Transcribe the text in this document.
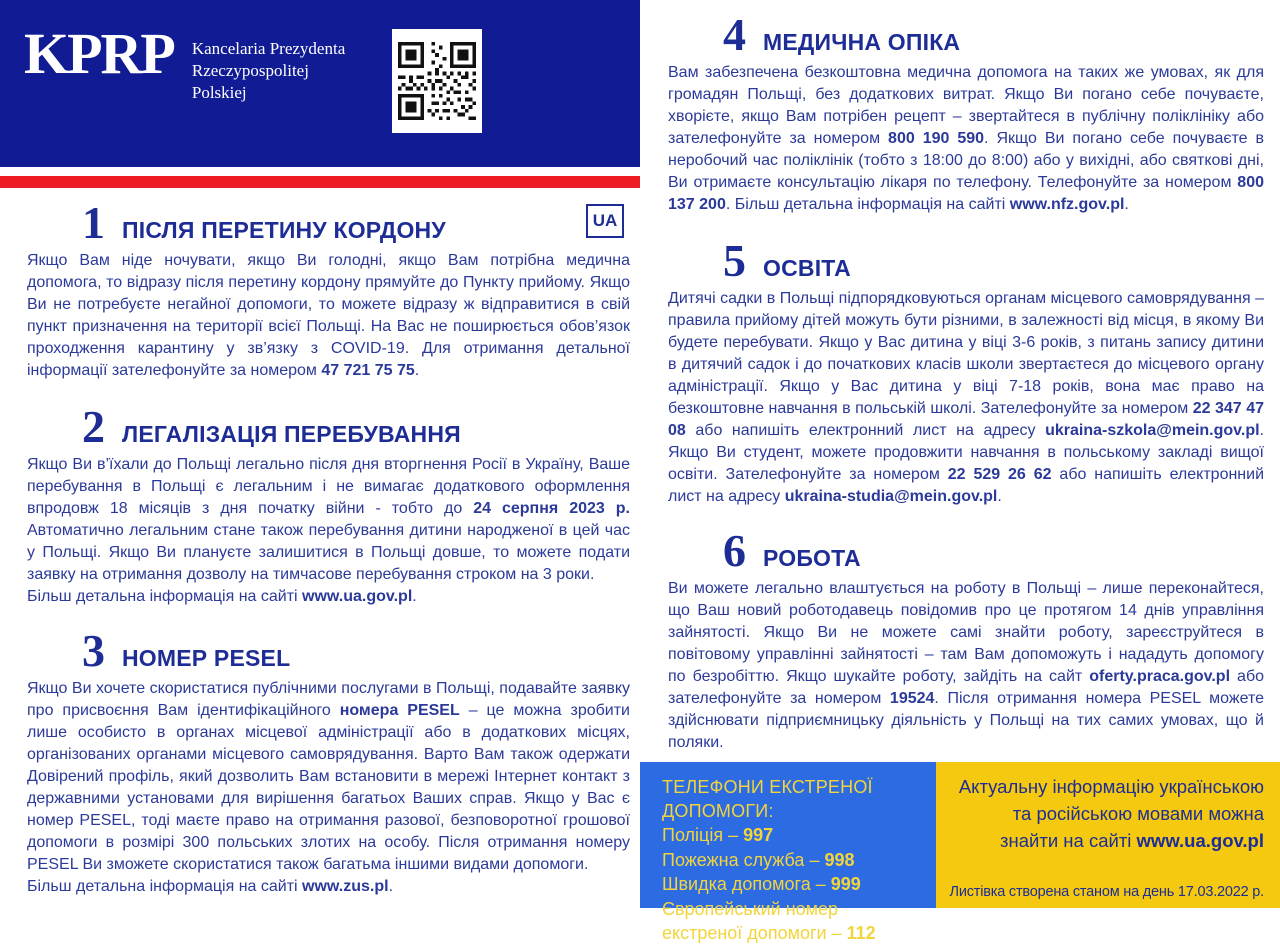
KPRP Kancelaria Prezydenta
Rzeczypospolitej
Polskiej
UA
1 ПІСЛЯ ПЕРЕТИНУ КОРДОНУ

Якщо Вам ніде ночувати, якщо Ви голодні, якщо Вам потрібна медична допомога, то відразу після перетину кордону прямуйте до Пункту прийому. Якщо Ви не потребуєте негайної допомоги, то можете відразу ж відправитися в свій пункт призначення на території всієї Польщі. На Вас не поширюється обов’язок проходження карантину у зв’язку з COVID-19. Для отримання детальної інформації зателефонуйте за номером 47 721 75 75.

2 ЛЕГАЛІЗАЦІЯ ПЕРЕБУВАННЯ

Якщо Ви в’їхали до Польщі легально після дня вторгнення Росії в Україну, Ваше перебування в Польщі є легальним і не вимагає додаткового оформлення впродовж 18 місяців з дня початку війни - тобто до 24 серпня 2023 р. Автоматично легальним стане також перебування дитини народженої в цей час у Польщі. Якщо Ви плануєте залишитися в Польщі довше, то можете подати заявку на отримання дозволу на тимчасове перебування строком на 3 роки.

Більш детальна інформація на сайті www.ua.gov.pl.

3 НОМЕР PESEL

Якщо Ви хочете скористатися публічними послугами в Польщі, подавайте заявку про присвоєння Вам ідентифікаційного номера PESEL – це можна зробити лише особисто в органах місцевої адміністрації або в додаткових місцях, організованих органами місцевого самоврядування. Варто Вам також одержати Довірений профіль, який дозволить Вам встановити в мережі Інтернет контакт з державними установами для вирішення багатьох Ваших справ. Якщо у Вас є номер PESEL, тоді маєте право на отримання разової, безповоротної грошової допомоги в розмірі 300 польських злотих на особу. Після отримання номеру PESEL Ви зможете скористатися також багатьма іншими видами допомоги.

Більш детальна інформація на сайті www.zus.pl.

4 МЕДИЧНА ОПІКА

Вам забезпечена безкоштовна медична допомога на таких же умовах, як для громадян Польщі, без додаткових витрат. Якщо Ви погано себе почуваєте, хворієте, якщо Вам потрібен рецепт – звертайтеся в публічну поліклініку або зателефонуйте за номером 800 190 590. Якщо Ви погано себе почуваєте в неробочий час поліклінік (тобто з 18:00 до 8:00) або у вихідні, або святкові дні, Ви отримаєте консультацію лікаря по телефону. Телефонуйте за номером 800 137 200. Більш детальна інформація на сайті www.nfz.gov.pl.

5 ОСВІТА

Дитячі садки в Польщі підпорядковуються органам місцевого самоврядування – правила прийому дітей можуть бути різними, в залежності від місця, в якому Ви будете перебувати. Якщо у Вас дитина у віці 3-6 років, з питань запису дитини в дитячий садок і до початкових класів школи звертаєтеся до місцевого органу адміністрації. Якщо у Вас дитина у віці 7-18 років, вона має право на безкоштовне навчання в польській школі. Зателефонуйте за номером 22 347 47 08 або напишіть електронний лист на адресу ukraina-szkola@mein.gov.pl. Якщо Ви студент, можете продовжити навчання в польському закладі вищої освіти. Зателефонуйте за номером 22 529 26 62 або напишіть електронний лист на адресу ukraina-studia@mein.gov.pl.

6 РОБОТА

Ви можете легально влаштується на роботу в Польщі – лише переконайтеся, що Ваш новий роботодавець повідомив про це протягом 14 днів управління зайнятості. Якщо Ви не можете самі знайти роботу, зареєструйтеся в повітовому управлінні зайнятості – там Вам допоможуть і нададуть допомогу по безробіттю. Якщо шукайте роботу, зайдіть на сайт oferty.praca.gov.pl або зателефонуйте за номером 19524. Після отримання номера PESEL можете здійснювати підприємницьку діяльність у Польщі на тих самих умовах, що й поляки.

ТЕЛЕФОНИ ЕКСТРЕНОЇ ДОПОМОГИ:
Поліція – 997
Пожежна служба – 998
Швидка допомога – 999
Європейський номер екстреної допомоги – 112
Актуальну інформацію українською та російською мовами можна знайти на сайті www.ua.gov.pl
Листівка створена станом на день 17.03.2022 р.
